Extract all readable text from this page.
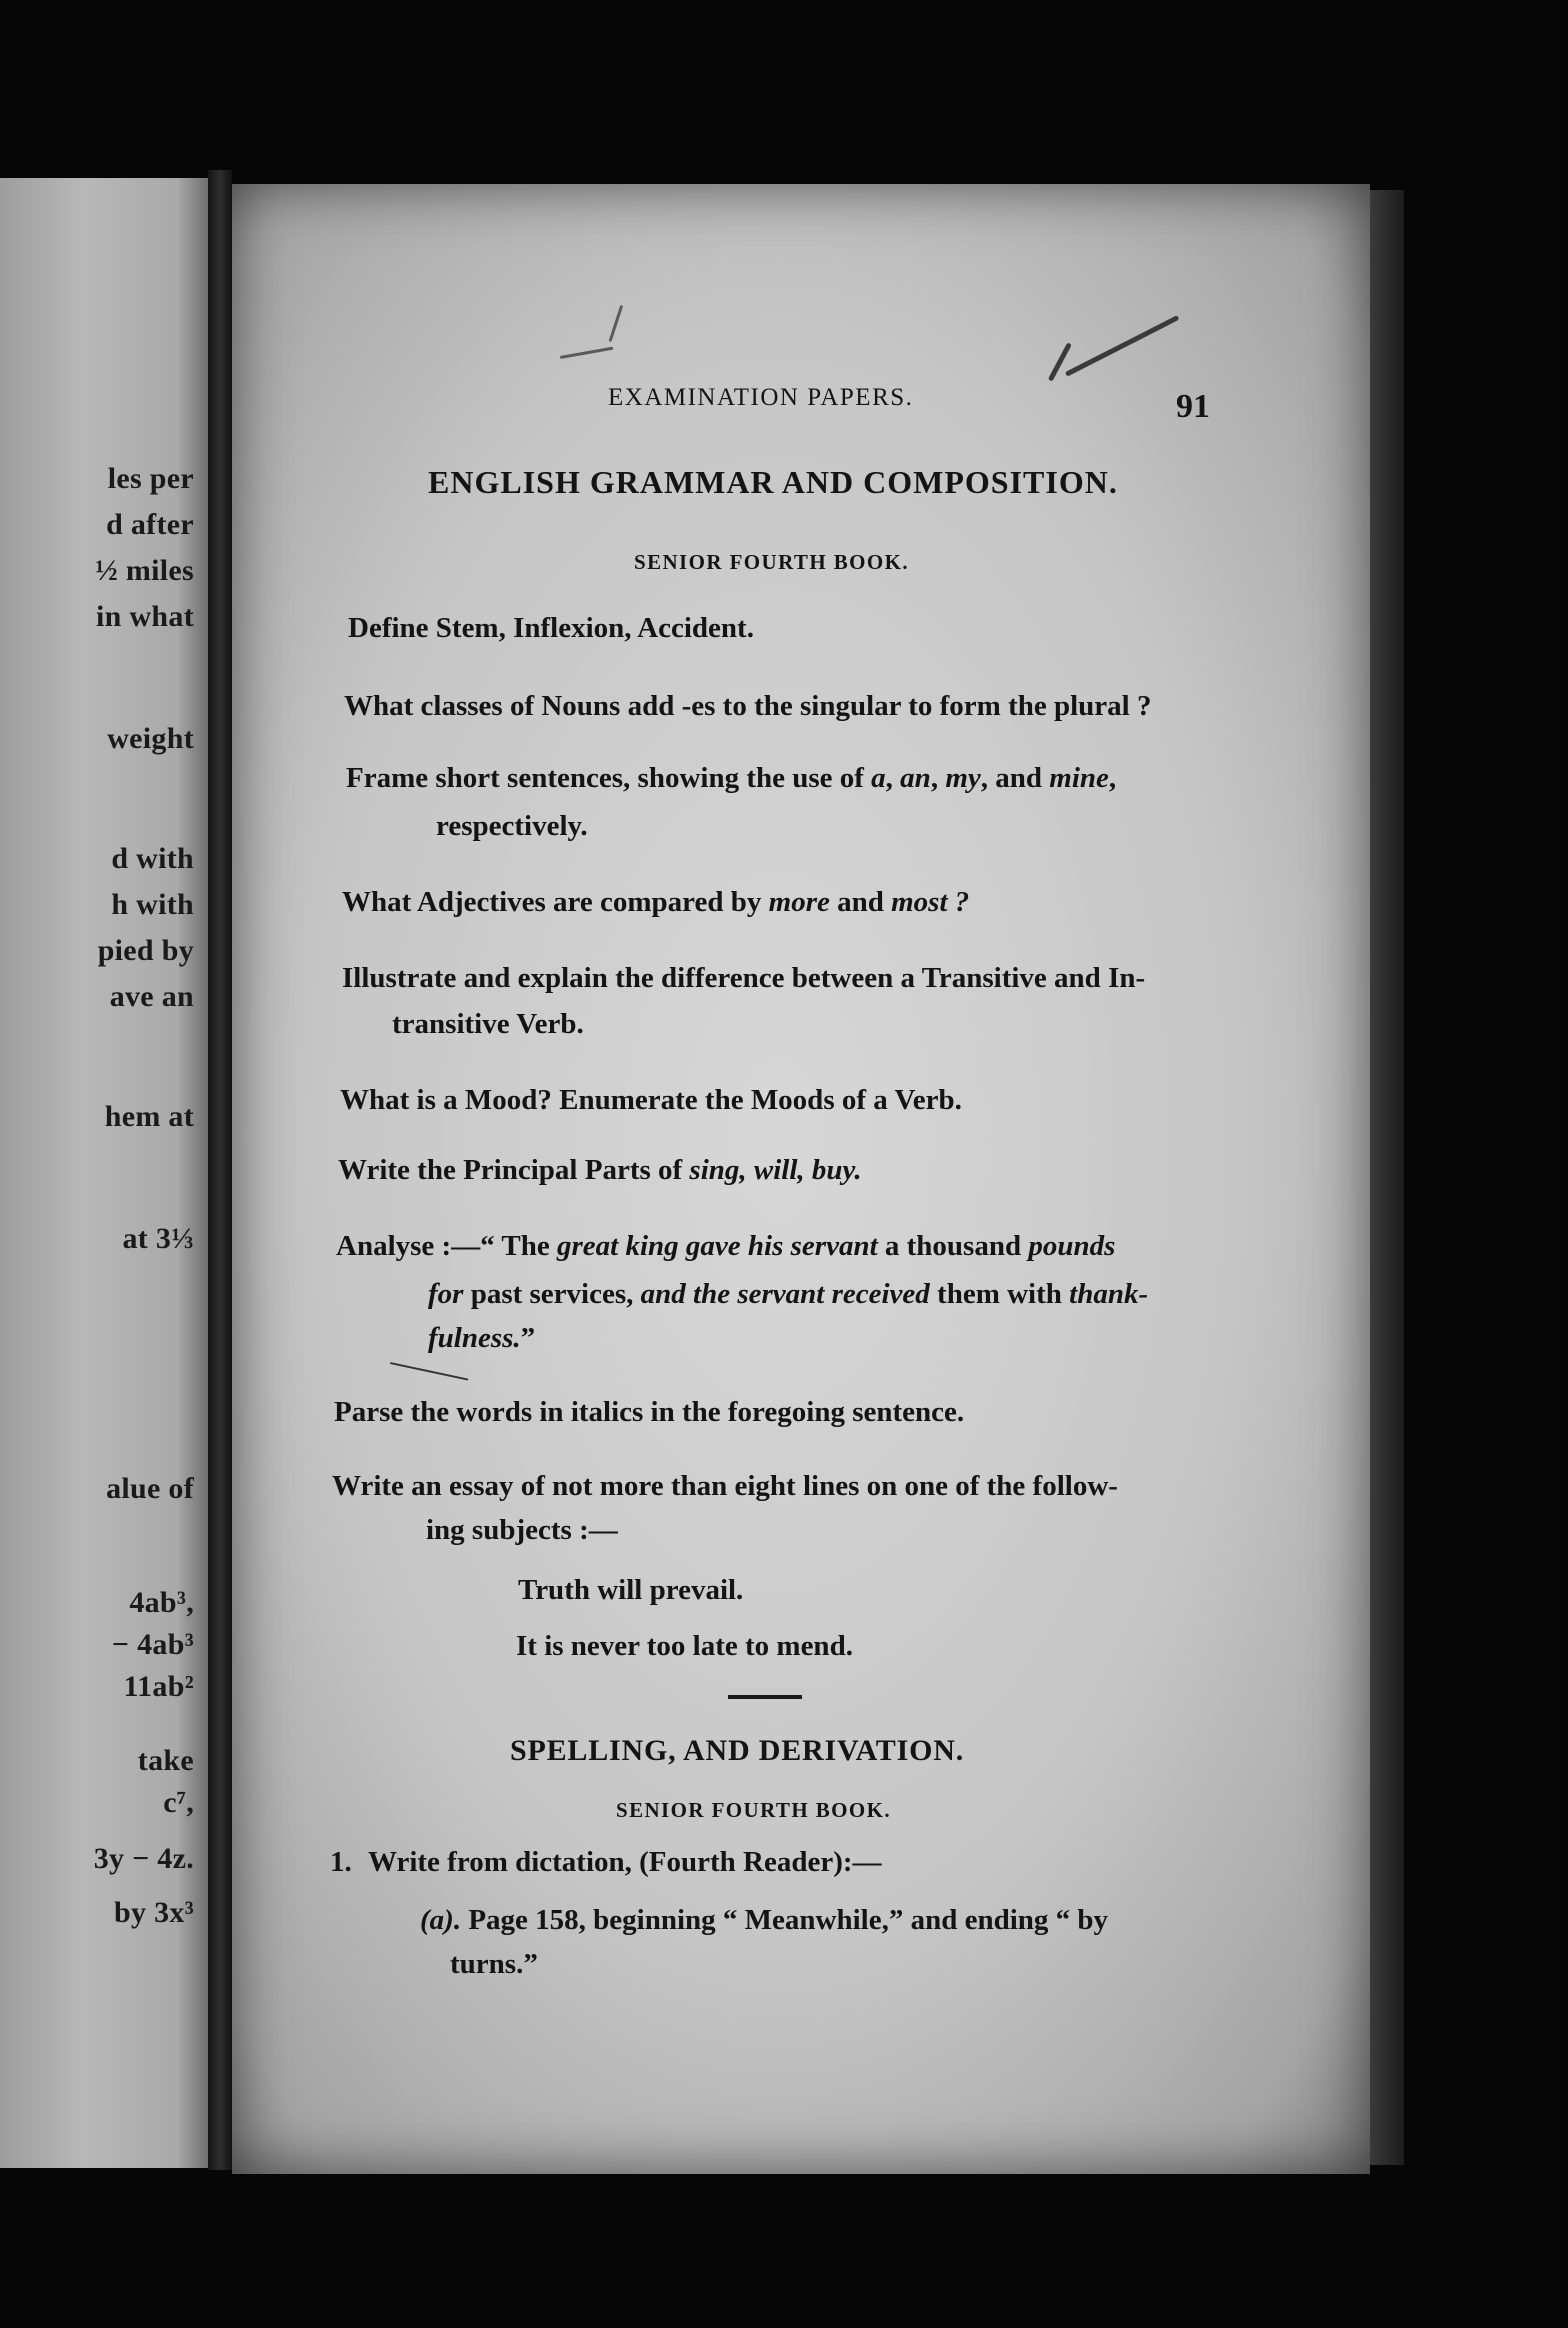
les per
d after
½ miles
in what
weight
d with
h with
pied by
ave an
hem at
at 3⅓
alue of
4ab³,
− 4ab³
11ab²
take
c⁷,
3y − 4z.
by 3x³
EXAMINATION PAPERS.	91
ENGLISH GRAMMAR AND COMPOSITION.
SENIOR FOURTH BOOK.
Define Stem, Inflexion, Accident.
What classes of Nouns add -es to the singular to form the plural ?
Frame short sentences, showing the use of a, an, my, and mine,
respectively.
What Adjectives are compared by more and most ?
Illustrate and explain the difference between a Transitive and In-
transitive Verb.
What is a Mood? Enumerate the Moods of a Verb.
Write the Principal Parts of sing, will, buy.
Analyse :—“ The great king gave his servant a thousand pounds
for past services, and the servant received them with thank-
fulness.”
Parse the words in italics in the foregoing sentence.
Write an essay of not more than eight lines on one of the follow-
ing subjects :—
Truth will prevail.
It is never too late to mend.
SPELLING, AND DERIVATION.
SENIOR FOURTH BOOK.
1. Write from dictation, (Fourth Reader):—
(a). Page 158, beginning “ Meanwhile,” and ending “ by
turns.”
